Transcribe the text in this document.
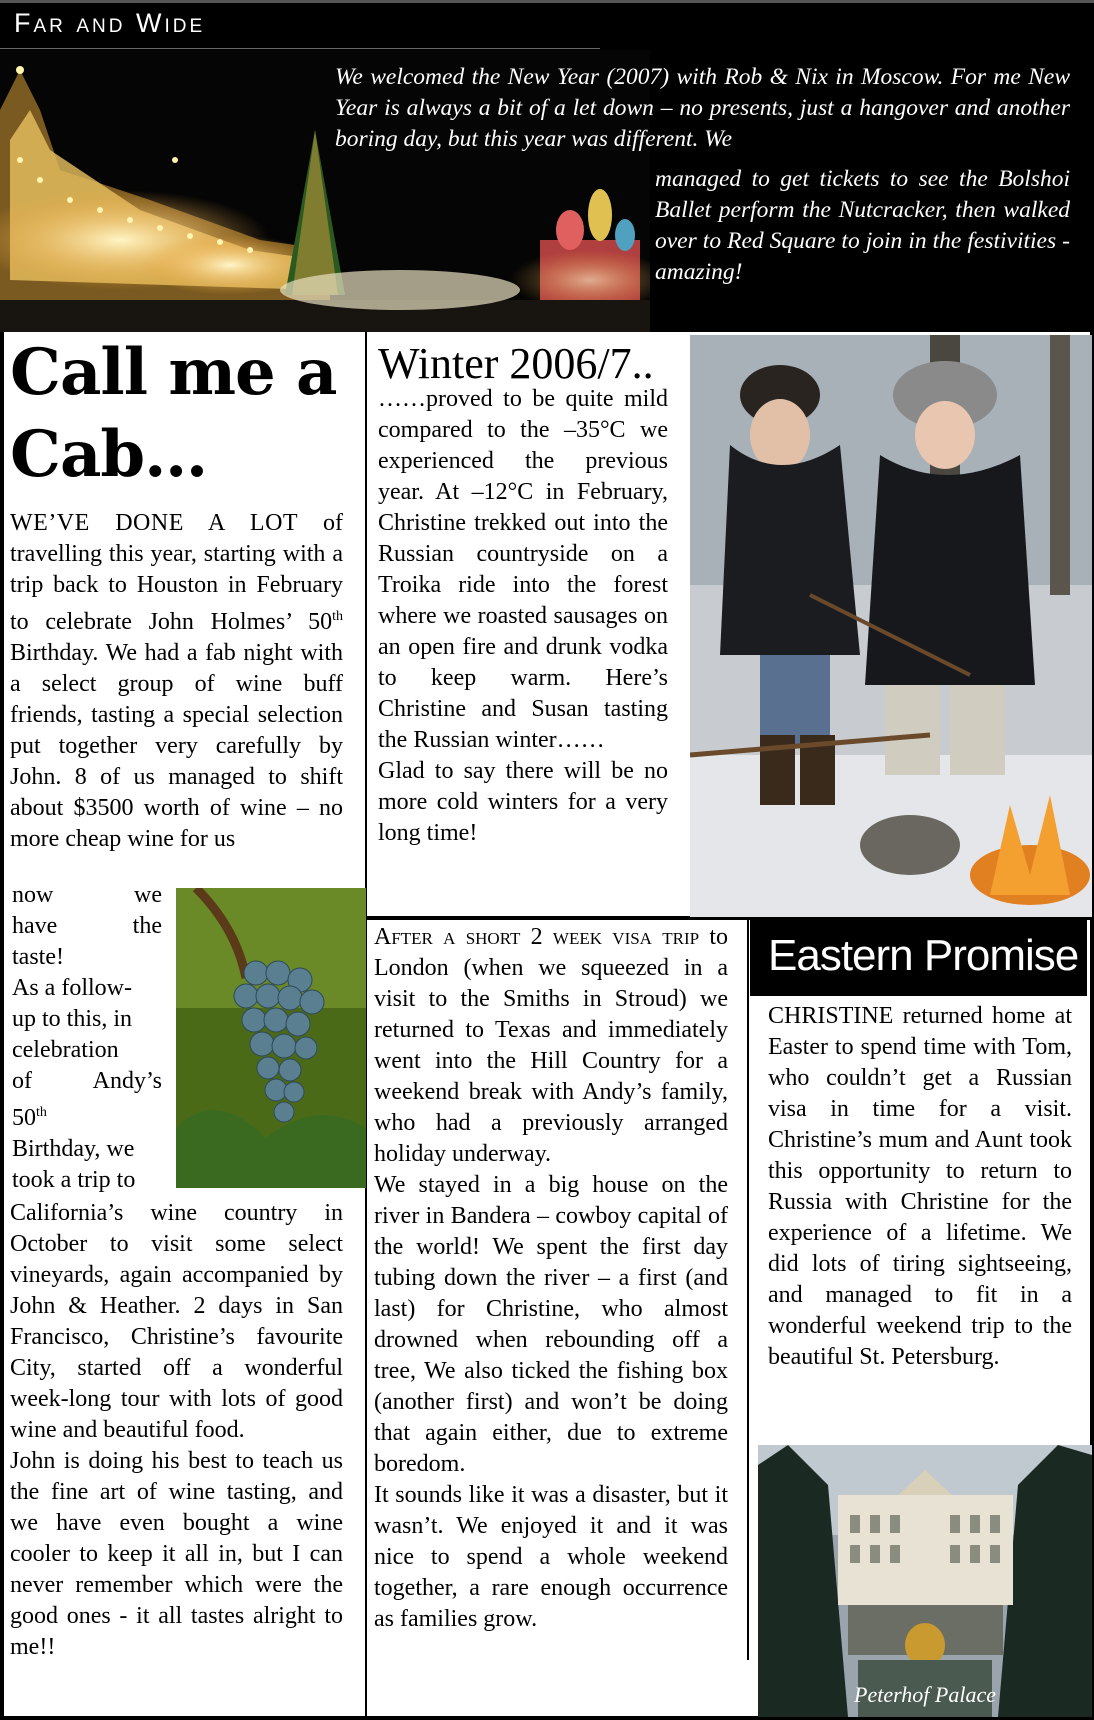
Far and Wide
We welcomed the New Year (2007) with Rob & Nix in Moscow. For me New Year is always a bit of a let down – no presents, just a hangover and another boring day, but this year was different. We
managed to get tickets to see the Bolshoi Ballet perform the Nutcracker, then walked over to Red Square to join in the festivities - amazing!
Call me a Cab…
WE’VE DONE A LOT of travelling this year, starting with a trip back to Houston in February to celebrate John Holmes’ 50th Birthday. We had a fab night with a select group of wine buff friends, tasting a special selection put together very carefully by John. 8 of us managed to shift about $3500 worth of wine – no more cheap wine for us
now	we
have	the
taste!
As a follow-
up to this, in
celebration
of	Andy’s
50th
Birthday, we
took a trip to
California’s wine country in October to visit some select vineyards, again accompanied by John & Heather. 2 days in San Francisco, Christine’s favourite City, started off a wonderful week-long tour with lots of good wine and beautiful food.
John is doing his best to teach us the fine art of wine tasting, and we have even bought a wine cooler to keep it all in, but I can never remember which were the good ones - it all tastes alright to me!!
Winter 2006/7..
……proved to be quite mild compared to the –35°C we experienced the previous year. At –12°C in February, Christine trekked out into the Russian countryside on a Troika ride into the forest where we roasted sausages on an open fire and drunk vodka to keep warm. Here’s Christine and Susan tasting the Russian winter……
Glad to say there will be no more cold winters for a very long time!
After a short 2 week visa trip to London (when we squeezed in a visit to the Smiths in Stroud) we returned to Texas and immediately went into the Hill Country for a weekend break with Andy’s family, who had a previously arranged holiday underway.
We stayed in a big house on the river in Bandera – cowboy capital of the world! We spent the first day tubing down the river – a first (and last) for Christine, who almost drowned when rebounding off a tree, We also ticked the fishing box (another first) and won’t be doing that again either, due to extreme boredom.
It sounds like it was a disaster, but it wasn’t. We enjoyed it and it was nice to spend a whole weekend together, a rare enough occurrence as families grow.
Eastern Promise
CHRISTINE returned home at Easter to spend time with Tom, who couldn’t get a Russian visa in time for a visit. Christine’s mum and Aunt took this opportunity to return to Russia with Christine for the experience of a lifetime. We did lots of tiring sightseeing, and managed to fit in a wonderful weekend trip to the beautiful St. Petersburg.
Peterhof Palace
